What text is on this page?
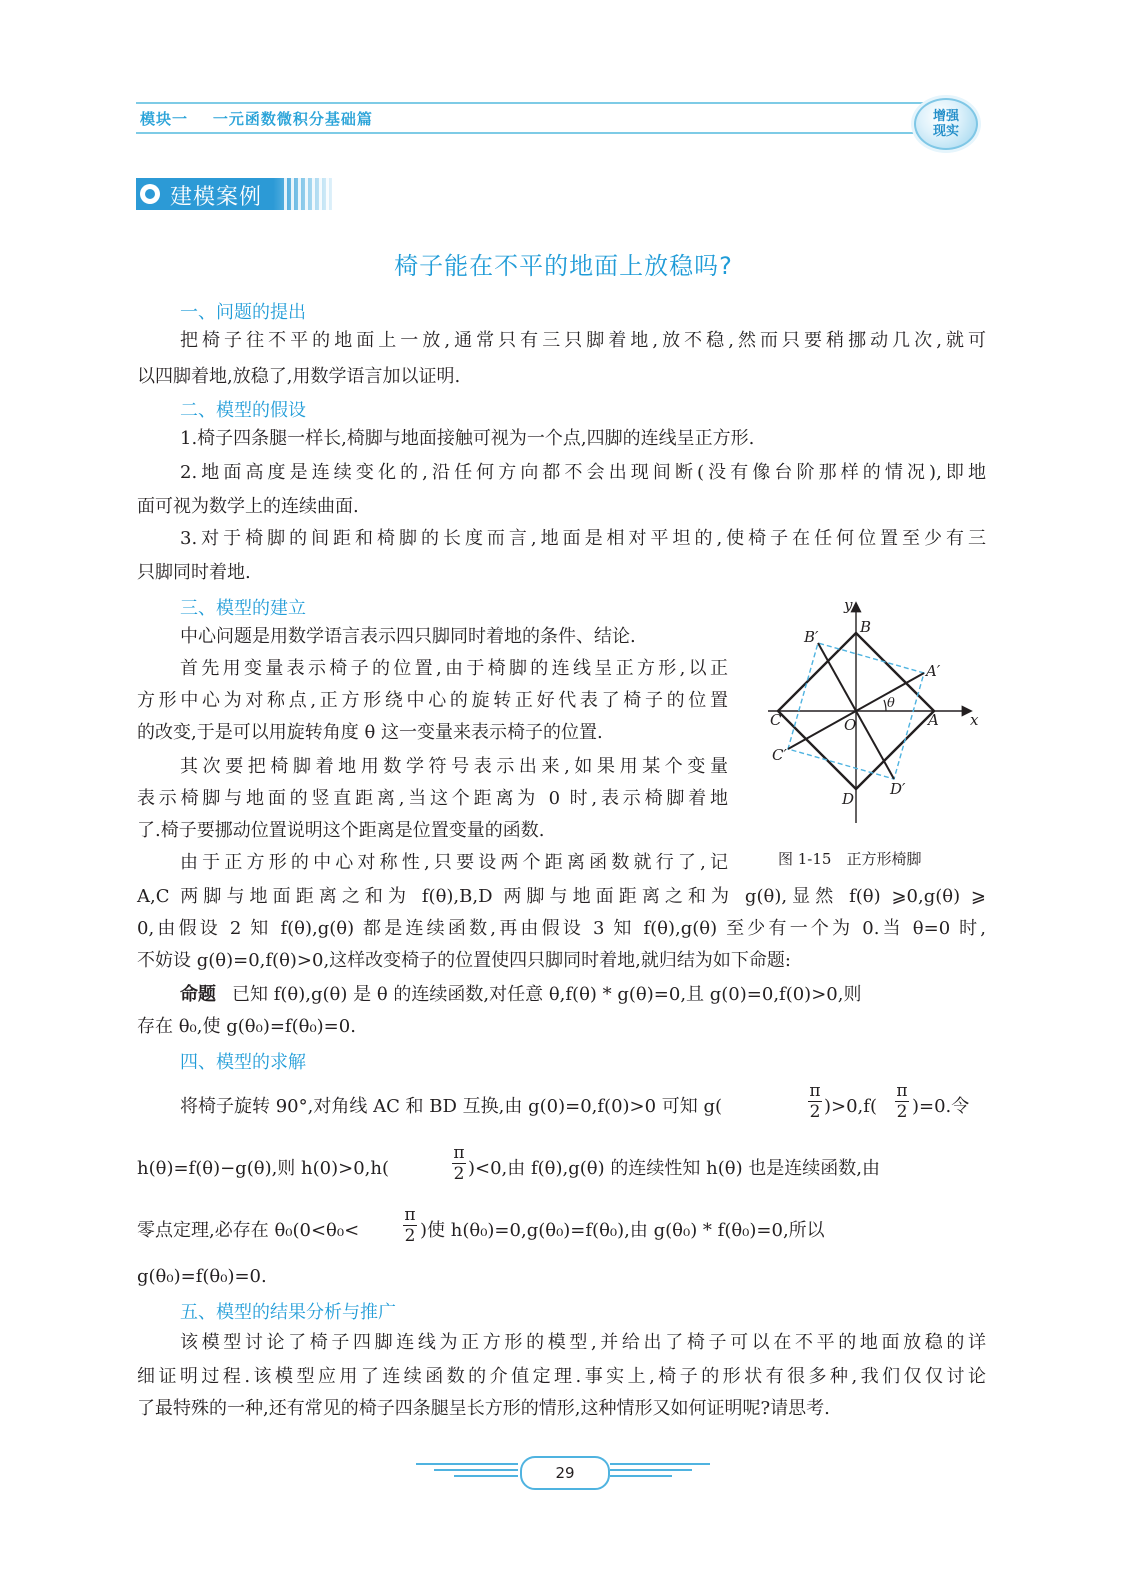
模块一 一元函数微积分基础篇	增强
现实
建模案例
椅子能在不平的地面上放稳吗?
一、问题的提出
把椅子往不平的地面上一放,通常只有三只脚着地,放不稳,然而只要稍挪动几次,就可
以四脚着地,放稳了,用数学语言加以证明.
二、模型的假设
1.椅子四条腿一样长,椅脚与地面接触可视为一个点,四脚的连线呈正方形.
2.地面高度是连续变化的,沿任何方向都不会出现间断(没有像台阶那样的情况),即地
面可视为数学上的连续曲面.
3.对于椅脚的间距和椅脚的长度而言,地面是相对平坦的,使椅子在任何位置至少有三
只脚同时着地.
三、模型的建立
中心问题是用数学语言表示四只脚同时着地的条件、结论.
首先用变量表示椅子的位置,由于椅脚的连线呈正方形,以正
方形中心为对称点,正方形绕中心的旋转正好代表了椅子的位置
的改变,于是可以用旋转角度 θ 这一变量来表示椅子的位置.
其次要把椅脚着地用数学符号表示出来,如果用某个变量
表示椅脚与地面的竖直距离,当这个距离为 0 时,表示椅脚着地
了.椅子要挪动位置说明这个距离是位置变量的函数.
由于正方形的中心对称性,只要设两个距离函数就行了,记
A,C 两脚与地面距离之和为 f(θ),B,D 两脚与地面距离之和为 g(θ),显然 f(θ) ⩾0,g(θ) ⩾
0,由假设 2 知 f(θ),g(θ) 都是连续函数,再由假设 3 知 f(θ),g(θ) 至少有一个为 0.当 θ=0 时,
不妨设 g(θ)=0,f(θ)>0,这样改变椅子的位置使四只脚同时着地,就归结为如下命题:
命题 已知 f(θ),g(θ) 是 θ 的连续函数,对任意 θ,f(θ) * g(θ)=0,且 g(0)=0,f(0)>0,则
存在 θ₀,使 g(θ₀)=f(θ₀)=0.
y
x
B
B′
A′
θ
C	O	A
C′
D
D′
图 1-15　正方形椅脚
四、模型的求解
将椅子旋转 90°,对角线 AC 和 BD 互换,由 g(0)=0,f(0)>0 可知 g(	$\frac{\pi}{2} )>0,f( \frac{\pi}{2} )=0$.令
h(θ)=f(θ)−g(θ),则 h(0)>0,h(	$\frac{\pi}{2} )<0$,由 f(θ),g(θ) 的连续性知 h(θ) 也是连续函数,由
零点定理,必存在 θ₀(0<θ₀<	$\frac{\pi}{2}$ )使 h(θ₀)=0,g(θ₀)=f(θ₀),由 g(θ₀) * f(θ₀)=0,所以
g(θ₀)=f(θ₀)=0.
五、模型的结果分析与推广
该模型讨论了椅子四脚连线为正方形的模型,并给出了椅子可以在不平的地面放稳的详
细证明过程.该模型应用了连续函数的介值定理.事实上,椅子的形状有很多种,我们仅仅讨论
了最特殊的一种,还有常见的椅子四条腿呈长方形的情形,这种情形又如何证明呢?请思考.
29
